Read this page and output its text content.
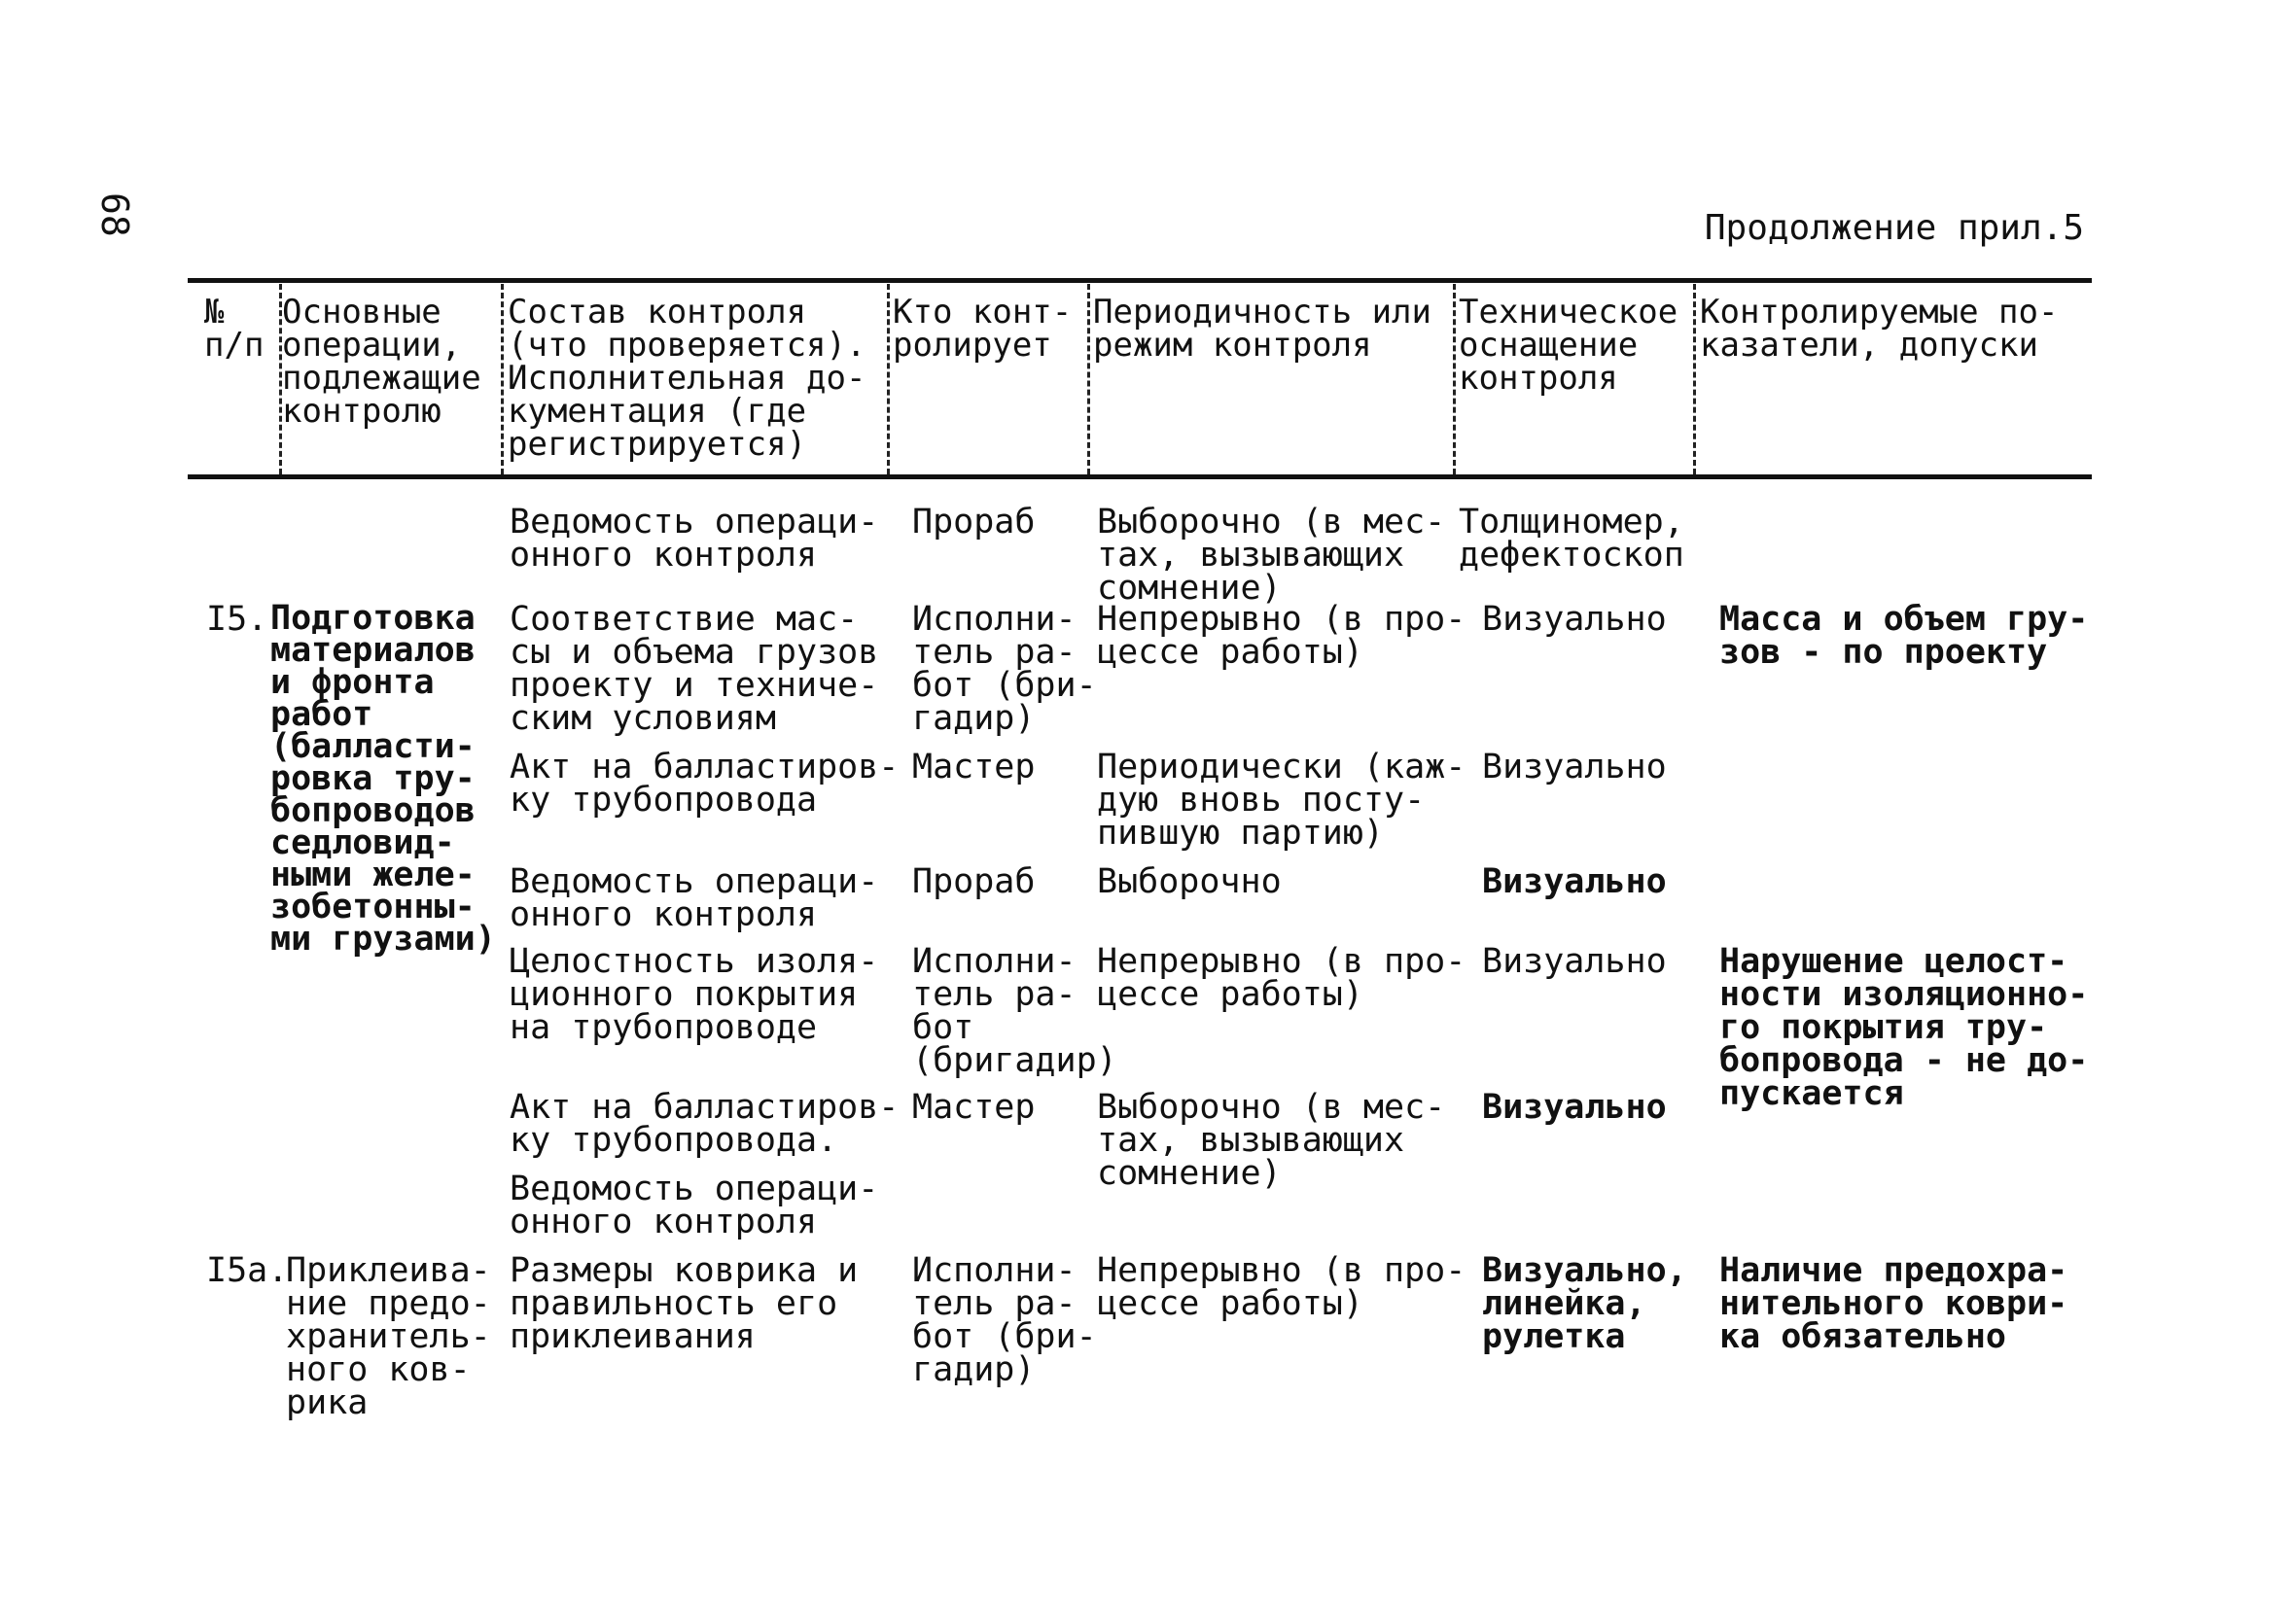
68	Продолжение прил.5
№
п/п
Основные
операции,
подлежащие
контролю
Состав контроля
(что проверяется).
Исполнительная до-
кументация (где
регистрируется)
Кто конт-
ролирует
Периодичность или
режим контроля
Техническое
оснащение
контроля
Контролируемые по-
казатели, допуски
Ведомость операци-
онного контроля
Прораб Выборочно (в мес-
тах, вызывающих
сомнение)
Толщиномер,
дефектоскоп
I5. Подготовка
материалов
и фронта
работ
(балласти-
ровка тру-
бопроводов
седловид-
ными желе-
зобетонны-
ми грузами)
Соответствие мас-
сы и объема грузов
проекту и техниче-
ским условиям
Исполни-
тель ра-
бот (бри-
гадир)
Непрерывно (в про-
цессе работы)
Визуально Масса и объем гру-
зов - по проекту
Акт на балластиров-
ку трубопровода
Мастер Периодически (каж-
дую вновь посту-
пившую партию)
Визуально
Ведомость операци-
онного контроля
Прораб Выборочно	Визуально
Целостность изоля-
ционного покрытия
на трубопроводе
Исполни-
тель ра-
бот
(бригадир)
Непрерывно (в про-
цессе работы)
Визуально Нарушение целост-
ности изоляционно-
го покрытия тру-
бопровода - не до-
пускается
Акт на балластиров-
ку трубопровода.
Мастер Выборочно (в мес-
тах, вызывающих
сомнение)
Визуально
Ведомость операци-
онного контроля
I5а.
Приклеива-
ние предо-
хранитель-
ного ков-
рика
Размеры коврика и
правильность его
приклеивания
Исполни-
тель ра-
бот (бри-
гадир)
Непрерывно (в про-
цессе работы)
Визуально,
линейка,
рулетка
Наличие предохра-
нительного коври-
ка обязательно
